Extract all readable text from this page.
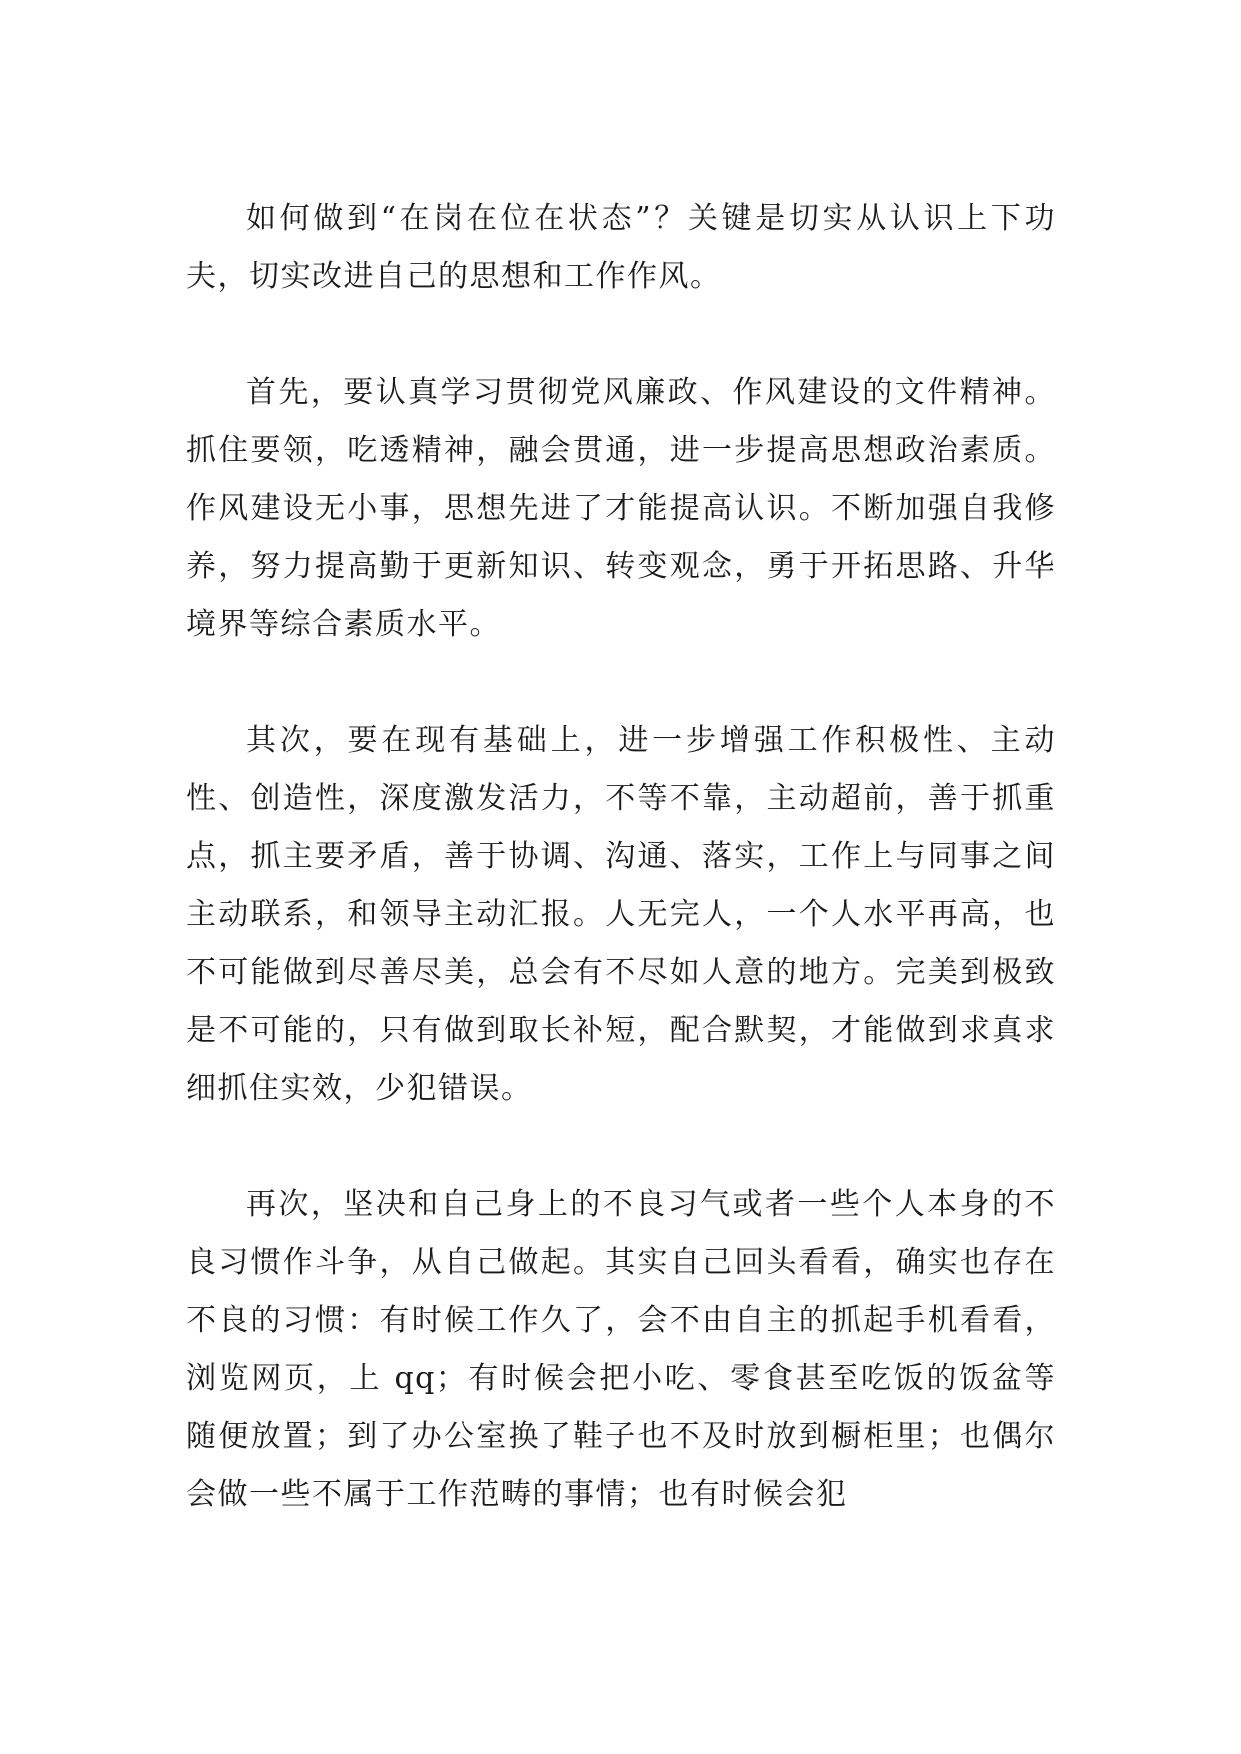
如何做到“在岗在位在状态”？关键是切实从认识上下功夫，切实改进自己的思想和工作作风。

首先，要认真学习贯彻党风廉政、作风建设的文件精神。抓住要领，吃透精神，融会贯通，进一步提高思想政治素质。作风建设无小事，思想先进了才能提高认识。不断加强自我修养，努力提高勤于更新知识、转变观念，勇于开拓思路、升华境界等综合素质水平。

其次，要在现有基础上，进一步增强工作积极性、主动性、创造性，深度激发活力，不等不靠，主动超前，善于抓重点，抓主要矛盾，善于协调、沟通、落实，工作上与同事之间主动联系，和领导主动汇报。人无完人，一个人水平再高，也不可能做到尽善尽美，总会有不尽如人意的地方。完美到极致是不可能的，只有做到取长补短，配合默契，才能做到求真求细抓住实效，少犯错误。

再次，坚决和自己身上的不良习气或者一些个人本身的不良习惯作斗争，从自己做起。其实自己回头看看，确实也存在不良的习惯：有时候工作久了，会不由自主的抓起手机看看，浏览网页，上 qq；有时候会把小吃、零食甚至吃饭的饭盆等随便放置；到了办公室换了鞋子也不及时放到橱柜里；也偶尔会做一些不属于工作范畴的事情；也有时候会犯
